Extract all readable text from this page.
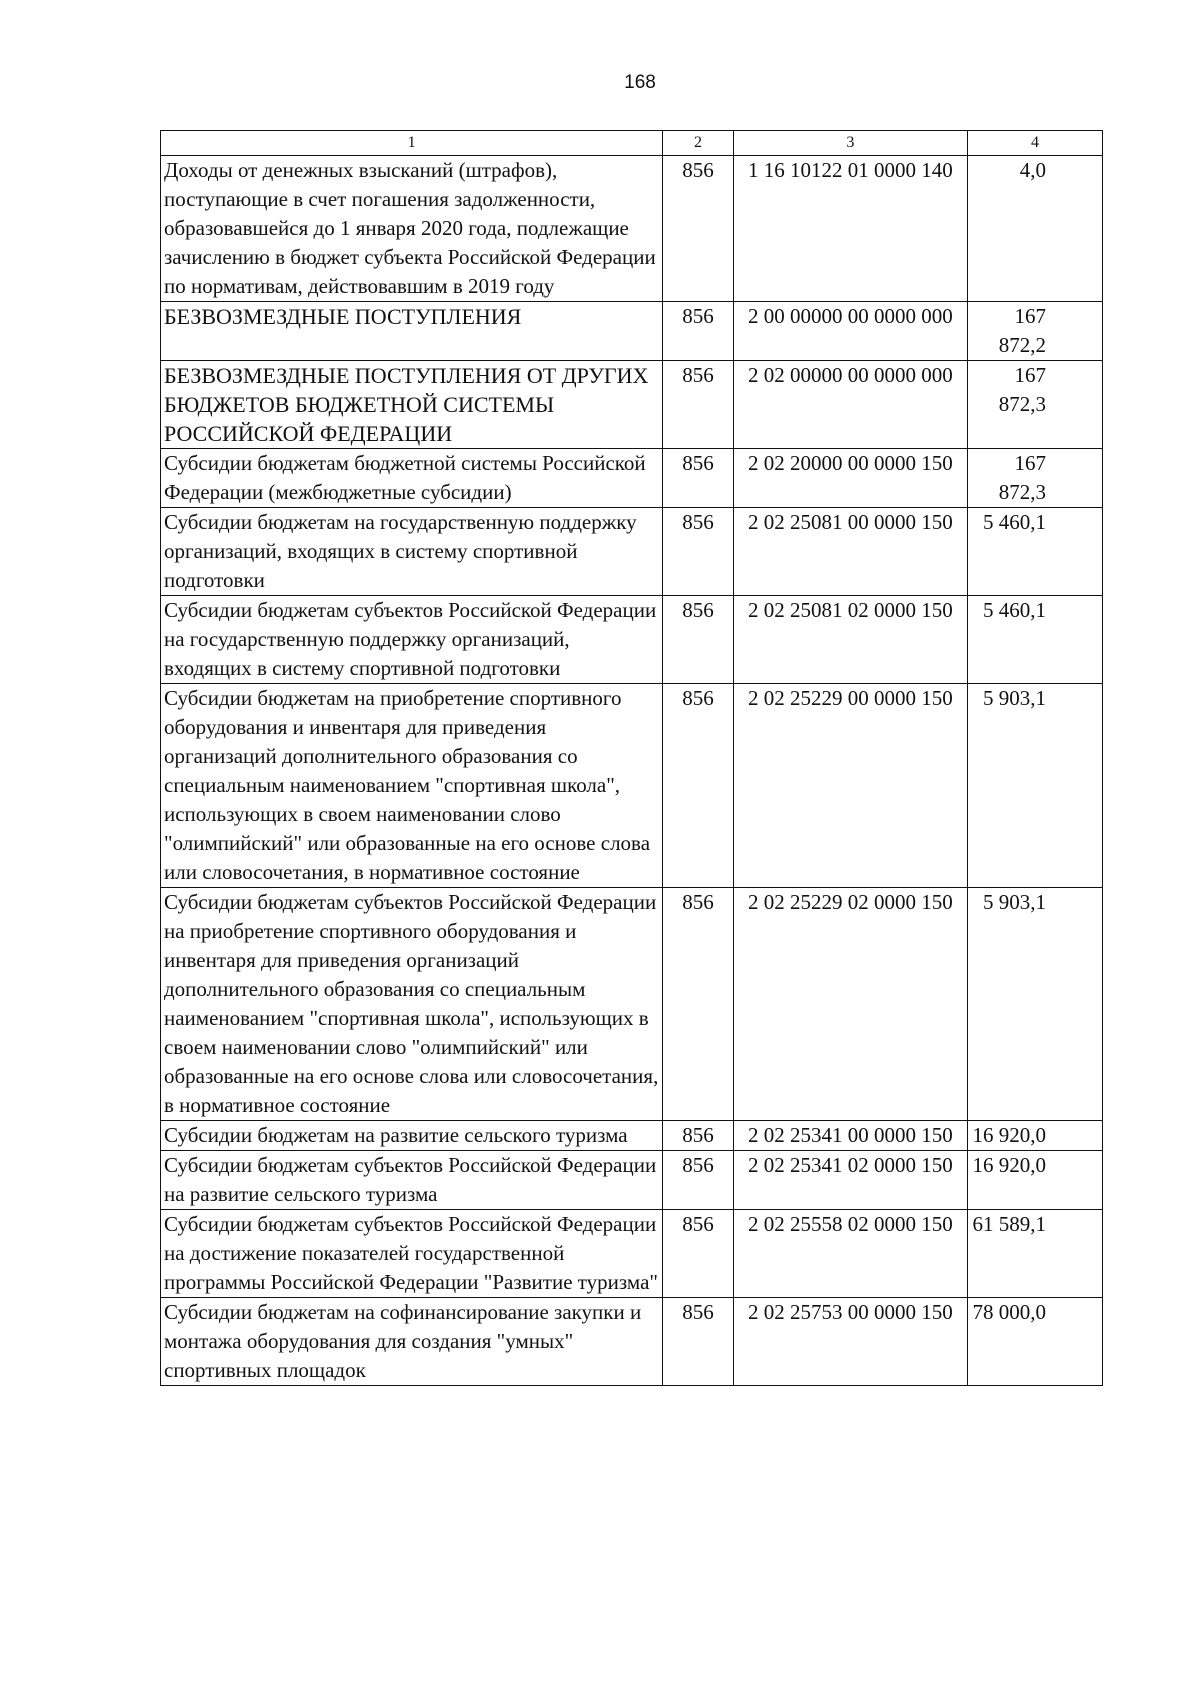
168
1	2	3	4
Доходы от денежных взысканий (штрафов), поступающие в счет погашения задолженности, образовавшейся до 1 января 2020 года, подлежащие зачислению в бюджет субъекта Российской Федерации по нормативам, действовавшим в 2019 году	856	1 16 10122 01 0000 140	4,0
БЕЗВОЗМЕЗДНЫЕ ПОСТУПЛЕНИЯ	856	2 00 00000 00 0000 000	167 872,2
БЕЗВОЗМЕЗДНЫЕ ПОСТУПЛЕНИЯ ОТ ДРУГИХ БЮДЖЕТОВ БЮДЖЕТНОЙ СИСТЕМЫ РОССИЙСКОЙ ФЕДЕРАЦИИ	856	2 02 00000 00 0000 000	167 872,3
Субсидии бюджетам бюджетной системы Российской Федерации (межбюджетные субсидии)	856	2 02 20000 00 0000 150	167 872,3
Субсидии бюджетам на государственную поддержку организаций, входящих в систему спортивной подготовки	856	2 02 25081 00 0000 150	5 460,1
Субсидии бюджетам субъектов Российской Федерации на государственную поддержку организаций, входящих в систему спортивной подготовки	856	2 02 25081 02 0000 150	5 460,1
Субсидии бюджетам на приобретение спортивного оборудования и инвентаря для приведения организаций дополнительного образования со специальным наименованием "спортивная школа", использующих в своем наименовании слово "олимпийский" или образованные на его основе слова или словосочетания, в нормативное состояние	856	2 02 25229 00 0000 150	5 903,1
Субсидии бюджетам субъектов Российской Федерации на приобретение спортивного оборудования и инвентаря для приведения организаций дополнительного образования со специальным наименованием "спортивная школа", использующих в своем наименовании слово "олимпийский" или образованные на его основе слова или словосочетания, в нормативное состояние	856	2 02 25229 02 0000 150	5 903,1
Субсидии бюджетам на развитие сельского туризма	856	2 02 25341 00 0000 150	16 920,0
Субсидии бюджетам субъектов Российской Федерации на развитие сельского туризма	856	2 02 25341 02 0000 150	16 920,0
Субсидии бюджетам субъектов Российской Федерации на достижение показателей государственной программы Российской Федерации "Развитие туризма"	856	2 02 25558 02 0000 150	61 589,1
Субсидии бюджетам на софинансирование закупки и монтажа оборудования для создания "умных" спортивных площадок	856	2 02 25753 00 0000 150	78 000,0
